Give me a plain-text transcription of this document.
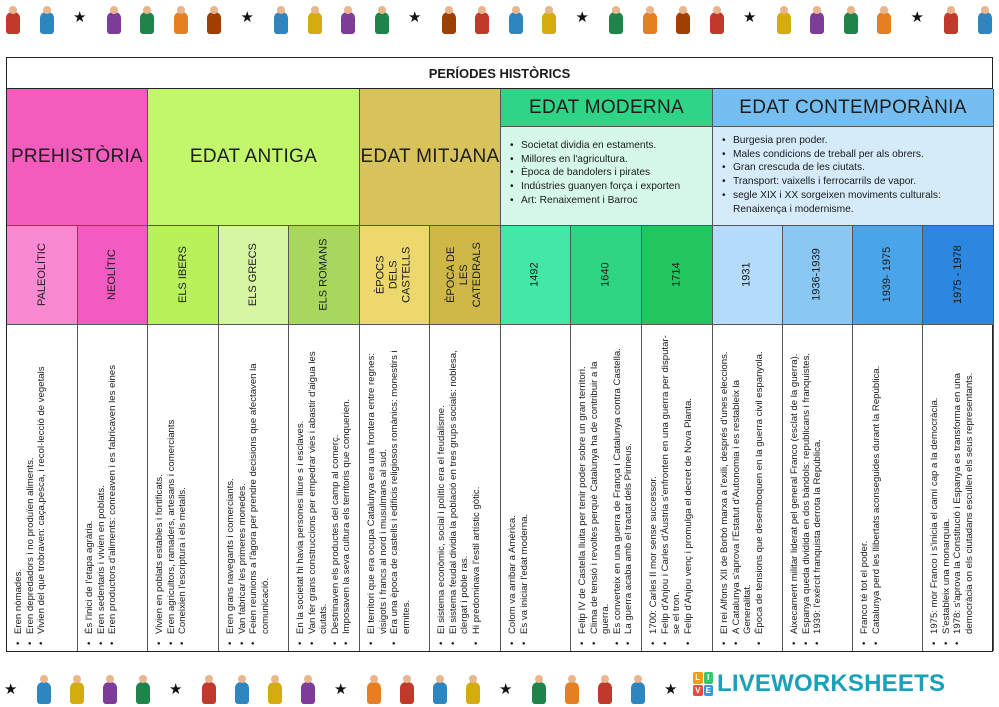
★	★	★	★	★	★
★	★	★	★	★
PERÍODES HISTÒRICS
PREHISTÒRIA	EDAT ANTIGA	EDAT MITJANA
EDAT MODERNA	EDAT CONTEMPORÀNIA
• Societat dividia en estaments.
• Millores en l'agricultura.
• Època de bandolers i pirates
• Indústries guanyen força i exporten
• Art: Renaixement i Barroc
• Burgesia pren poder.
• Males condicions de treball per als obrers.
• Gran crescuda de les ciutats.
• Transport: vaixells i ferrocarrils de vapor.
• segle XIX i XX sorgeixen moviments culturals: Renaixença i modernisme.
PALEOLÍTIC	NEOLÍTIC	ELS IBERS	ELS GRECS	ELS ROMANS	ÈPOCS DELS CASTELLS	ÈPOCA DE LES CATEDRALS	1492	1640	1714	1931	1936-1939	1939- 1975	1975 - 1978
• Eren nòmades. • Eren depredadors i no produïen aliments. • Vivien del que trobraven: caça,pesca, i recol·lecció de vegetals	• És l'inici de l'etapa agrària. • Eren sedentaris i vivien en poblats. • Eren productors d'aliments: conreaven i es fabricaven les eines	• Vivien en poblats estables i fortificats. • Eren agricultors, ramaders, artesans i comerciants • Coneixien l'escriptura i els metalls.	• Eren grans navegants i comerciants. • Van fabricar les primeres monedes. • Feien reunions a l'àgora per prendre decisions que afectaven la comunicació.	• En la societat hi havia persones lliure s i esclaves. • Van fer grans construccions per empedrar vies i abastir d'aigua les ciutats. • Destrinaven els productes del camp al comerç. • Imposaven la seva cultura els territoris que conquerien. • El territori que era ocupa Catalunya era una frontera entre regnes: visigots i francs al nord i musulmans al sud. • Era una època de castells i edificis religiosos romànics: monestirs i ermites.	• El sistema econòmic, social i polític era el feudalisme. • El sistema feudal dividia la població en tres grups socials: noblesa, clergat i poble ras. • Hi predominava l'estil artístic gòtic.	• Colom va arribar a Amèrica. • Es va iniciar l'edat moderna.	• Felip IV de Castella lluita per tenir poder sobre un gran territori. • Clima de tensió i revoltes perquè Catalunya ha de contribuir a la guerra. • Es converteix en una guerra de França i Catalunya contra Castella. • La guerra acaba amb el tractat dels Pirineus. • 1700: Carles II mor sense successor. • Felip d'Anjou i Carles d'Àustria s'enfronten en una guerra per disputar-se el tron. • Felip d'Anjou venç i promulga el decret de Nova Planta.	• El rei Alfons XII de Borbó marxa a l'exili, després d'unes eleccions. • A Catalunya s'aprova l'Estatut d'Autonomia i es restableix la Generalitat. • Època de tensions que desemboquen en la guerra civil espanyola.	• Aixecament militar liderat pel general Franco (esclat de la guerra). • Espanya queda dividida en dos bàndols: republicans i franquistes. • 1939: l'exèrcit franquista derrota la República.	• Franco té tot el poder. • Catalunya perd les llibertats aconseguides durant la República.	• 1975: mor Franco i s'inicia el camí cap a la democràcia. • S'estableix una monarquia. • 1978: s'aprova la Constitució i Espanya es transforma en una democràcia on els ciutadans escullen els seus representants.
L I
V E LIVEWORKSHEETS
